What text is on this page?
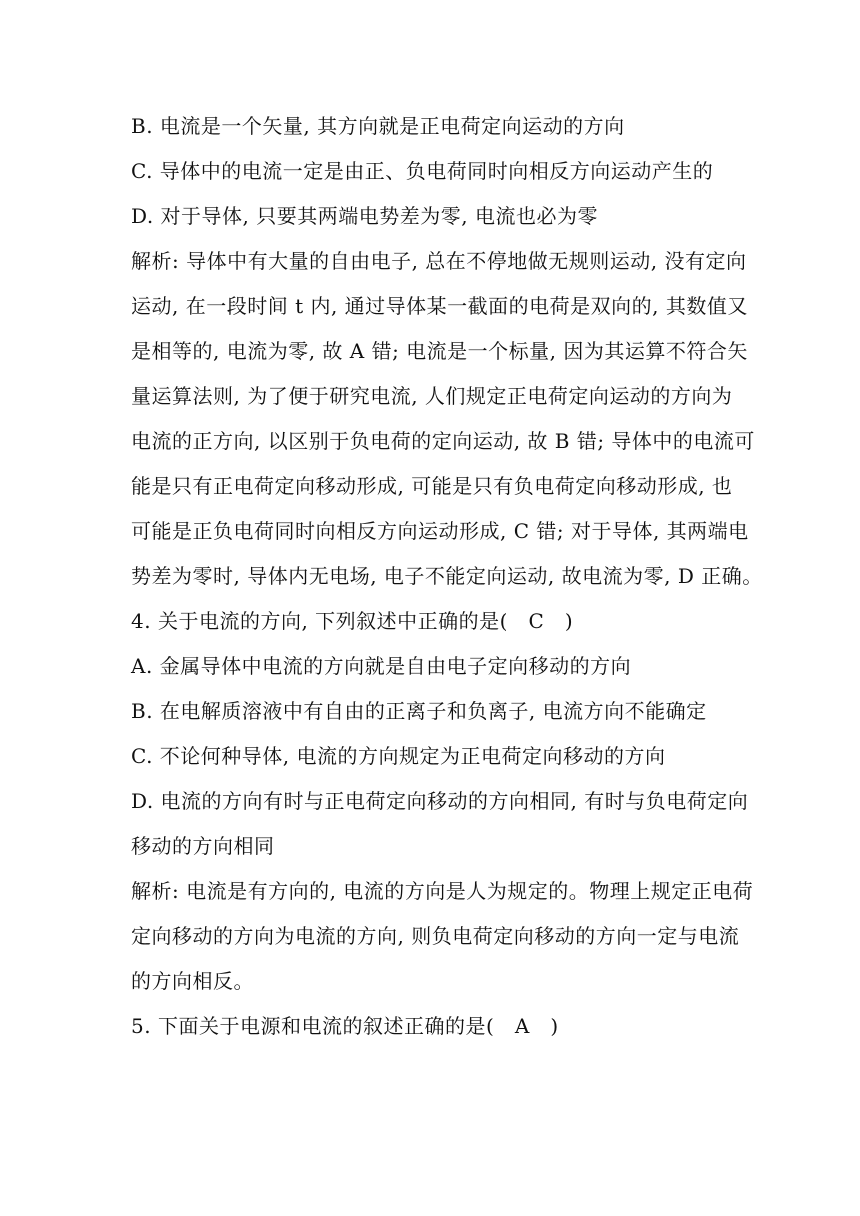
B. 电流是一个矢量, 其方向就是正电荷定向运动的方向
C. 导体中的电流一定是由正、负电荷同时向相反方向运动产生的
D. 对于导体, 只要其两端电势差为零, 电流也必为零
解析: 导体中有大量的自由电子, 总在不停地做无规则运动, 没有定向
运动, 在一段时间 t 内, 通过导体某一截面的电荷是双向的, 其数值又
是相等的, 电流为零, 故 A 错; 电流是一个标量, 因为其运算不符合矢
量运算法则, 为了便于研究电流, 人们规定正电荷定向运动的方向为
电流的正方向, 以区别于负电荷的定向运动, 故 B 错; 导体中的电流可
能是只有正电荷定向移动形成, 可能是只有负电荷定向移动形成, 也
可能是正负电荷同时向相反方向运动形成, C 错; 对于导体, 其两端电
势差为零时, 导体内无电场, 电子不能定向运动, 故电流为零, D 正确。
4. 关于电流的方向, 下列叙述中正确的是(   C   )
A. 金属导体中电流的方向就是自由电子定向移动的方向
B. 在电解质溶液中有自由的正离子和负离子, 电流方向不能确定
C. 不论何种导体, 电流的方向规定为正电荷定向移动的方向
D. 电流的方向有时与正电荷定向移动的方向相同, 有时与负电荷定向
移动的方向相同
解析: 电流是有方向的, 电流的方向是人为规定的。物理上规定正电荷
定向移动的方向为电流的方向, 则负电荷定向移动的方向一定与电流
的方向相反。
5. 下面关于电源和电流的叙述正确的是(   A   )
